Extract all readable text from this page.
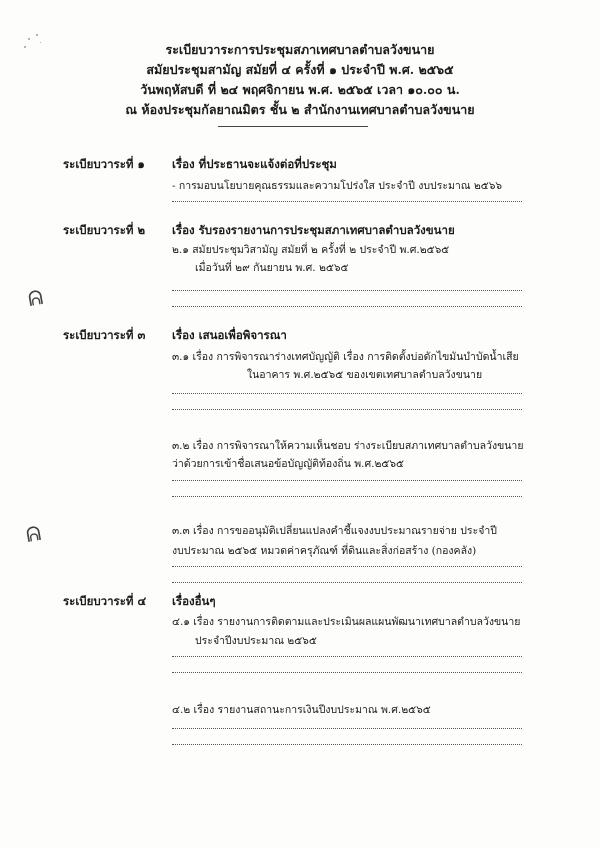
ระเบียบวาระการประชุมสภาเทศบาลตำบลวังขนาย
สมัยประชุมสามัญ สมัยที่ ๔ ครั้งที่ ๑ ประจำปี พ.ศ. ๒๕๖๕
วันพฤหัสบดี ที่ ๒๔ พฤศจิกายน พ.ศ. ๒๕๖๕ เวลา ๑๐.๐๐ น.
ณ ห้องประชุมกัลยาณมิตร ชั้น ๒ สำนักงานเทศบาลตำบลวังขนาย
ระเบียบวาระที่ ๑ เรื่อง ที่ประธานจะแจ้งต่อที่ประชุม
- การมอบนโยบายคุณธรรมและความโปร่งใส ประจำปี งบประมาณ ๒๕๖๖
ระเบียบวาระที่ ๒ เรื่อง รับรองรายงานการประชุมสภาเทศบาลตำบลวังขนาย
๒.๑ สมัยประชุมวิสามัญ สมัยที่ ๒ ครั้งที่ ๒ ประจำปี พ.ศ.๒๕๖๕
เมื่อวันที่ ๒๙ กันยายน พ.ศ. ๒๕๖๕
ᕱ
ระเบียบวาระที่ ๓ เรื่อง เสนอเพื่อพิจารณา
๓.๑ เรื่อง การพิจารณาร่างเทศบัญญัติ เรื่อง การติดตั้งบ่อดักไขมันบำบัดน้ำเสีย
ในอาคาร พ.ศ.๒๕๖๕ ของเขตเทศบาลตำบลวังขนาย
๓.๒ เรื่อง การพิจารณาให้ความเห็นชอบ ร่างระเบียบสภาเทศบาลตำบลวังขนาย
ว่าด้วยการเข้าชื่อเสนอข้อบัญญัติท้องถิ่น พ.ศ.๒๕๖๕
ᕱ	๓.๓ เรื่อง การขออนุมัติเปลี่ยนแปลงคำชี้แจงงบประมาณรายจ่าย ประจำปี
งบประมาณ ๒๕๖๕ หมวดค่าครุภัณฑ์ ที่ดินและสิ่งก่อสร้าง (กองคลัง)
ระเบียบวาระที่ ๔ เรื่องอื่นๆ
๔.๑ เรื่อง รายงานการติดตามและประเมินผลแผนพัฒนาเทศบาลตำบลวังขนาย
ประจำปีงบประมาณ ๒๕๖๕
๔.๒ เรื่อง รายงานสถานะการเงินปีงบประมาณ พ.ศ.๒๕๖๕
